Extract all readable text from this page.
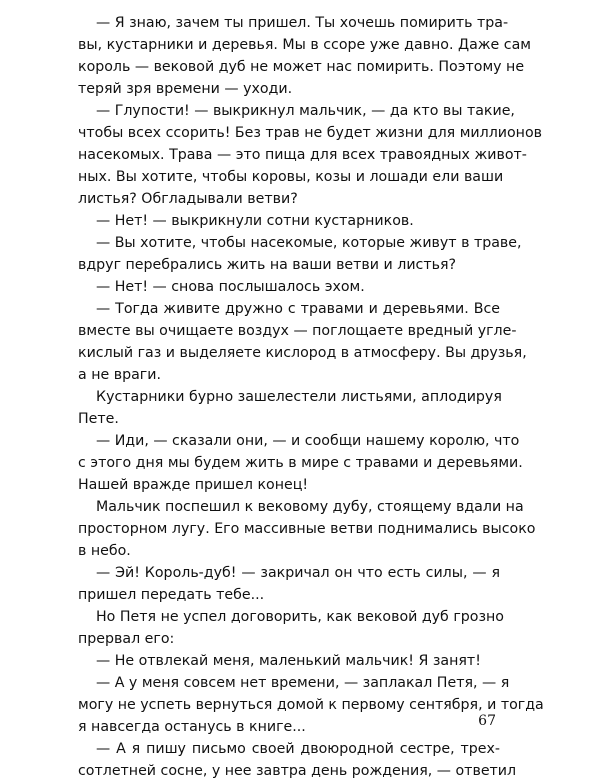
— Я знаю, зачем ты пришел. Ты хочешь помирить тра-
вы, кустарники и деревья. Мы в ссоре уже давно. Даже сам
король — вековой дуб не может нас помирить. Поэтому не
теряй зря времени — уходи.
— Глупости! — выкрикнул мальчик, — да кто вы такие,
чтобы всех ссорить! Без трав не будет жизни для миллионов
насекомых. Трава — это пища для всех травоядных живот-
ных. Вы хотите, чтобы коровы, козы и лошади ели ваши
листья? Обгладывали ветви?
— Нет! — выкрикнули сотни кустарников.
— Вы хотите, чтобы насекомые, которые живут в траве,
вдруг перебрались жить на ваши ветви и листья?
— Нет! — снова послышалось эхом.
— Тогда живите дружно с травами и деревьями. Все
вместе вы очищаете воздух — поглощаете вредный угле-
кислый газ и выделяете кислород в атмосферу. Вы друзья,
а не враги.
Кустарники бурно зашелестели листьями, аплодируя
Пете.
— Иди, — сказали они, — и сообщи нашему королю, что
с этого дня мы будем жить в мире с травами и деревьями.
Нашей вражде пришел конец!
Мальчик поспешил к вековому дубу, стоящему вдали на
просторном лугу. Его массивные ветви поднимались высоко
в небо.
— Эй! Король-дуб! — закричал он что есть силы, — я
пришел передать тебе...
Но Петя не успел договорить, как вековой дуб грозно
прервал его:
— Не отвлекай меня, маленький мальчик! Я занят!
— А у меня совсем нет времени, — заплакал Петя, — я
могу не успеть вернуться домой к первому сентября, и тогда
я навсегда останусь в книге...
— А я пишу письмо своей двоюродной сестре, трех-
сотлетней сосне, у нее завтра день рождения, — ответил
67
